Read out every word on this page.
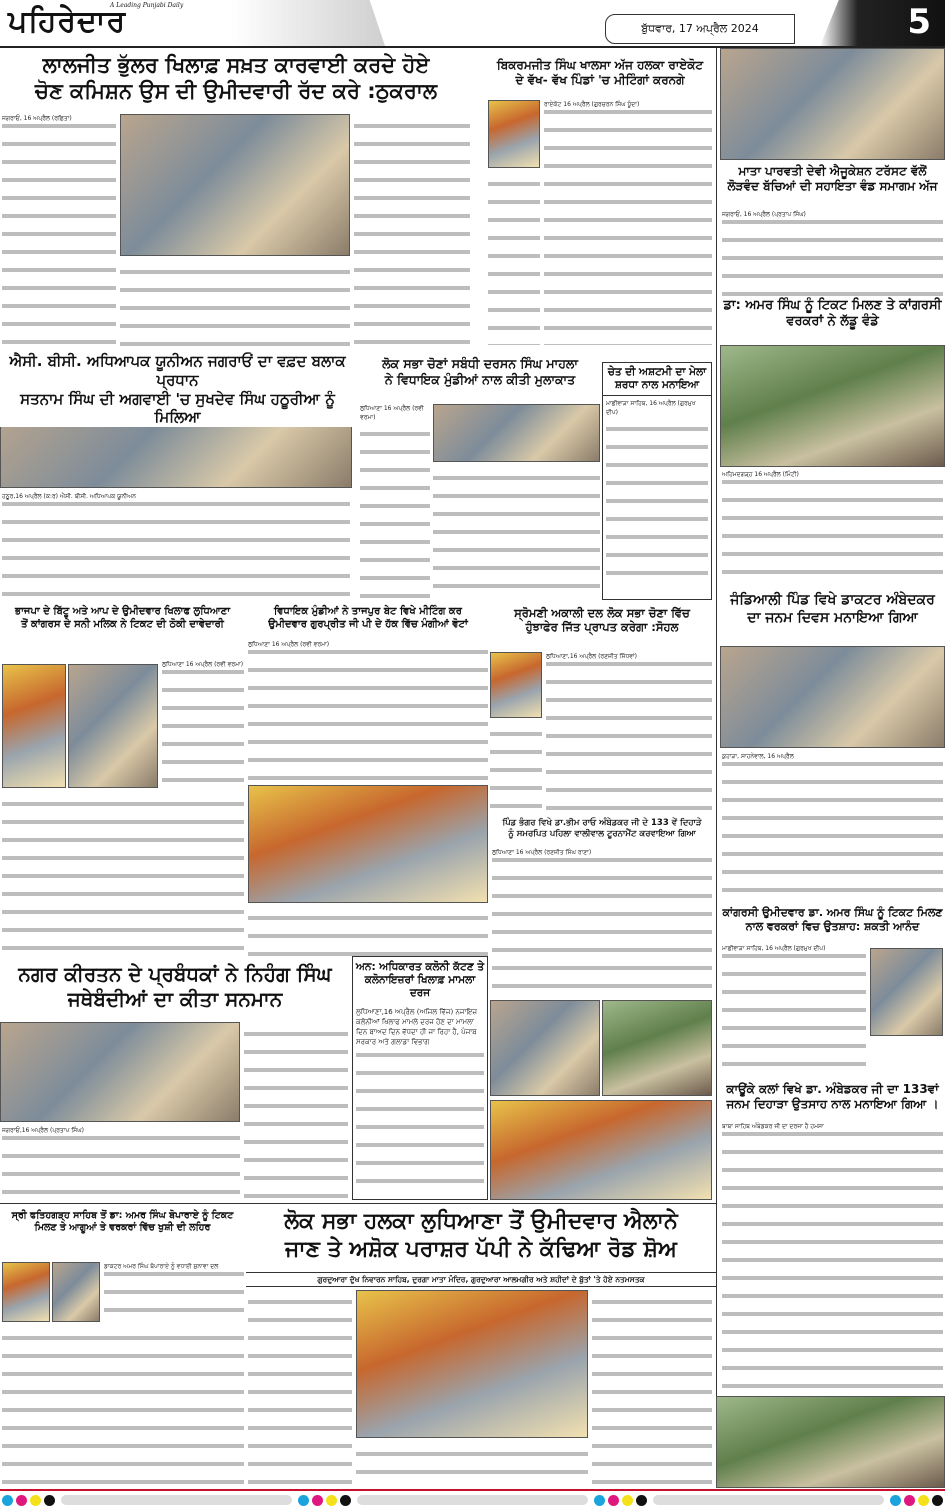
ਪਹਿਰੇਦਾਰ
A Leading Punjabi Daily
ਬੁੱਧਵਾਰ, 17 ਅਪ੍ਰੈਲ 2024	5
ਲਾਲਜੀਤ ਭੁੱਲਰ ਖਿਲਾਫ਼ ਸਖ਼ਤ ਕਾਰਵਾਈ ਕਰਦੇ ਹੋਏ
ਚੋਣ ਕਮਿਸ਼ਨ ਉਸ ਦੀ ਉਮੀਦਵਾਰੀ ਰੱਦ ਕਰੇ :ਠੁਕਰਾਲ
ਜਗਰਾਓਂ, 16 ਅਪ੍ਰੈਲ (ਰਛਿਤਾ)
ਬਿਕਰਮਜੀਤ ਸਿੰਘ ਖਾਲਸਾ ਅੱਜ ਹਲਕਾ ਰਾਏਕੋਟ
ਦੇ ਵੱਖ- ਵੱਖ ਪਿੰਡਾਂ 'ਚ ਮੀਟਿੰਗਾਂ ਕਰਨਗੇ
ਰਾਏਕੋਟ 16 ਅਪ੍ਰੈਲ (ਗੁਰਚਰਨ ਸਿੰਘ ਧੂੰਦਾ)
ਮਾਤਾ ਪਾਰਵਤੀ ਦੇਵੀ ਐਜੂਕੇਸ਼ਨ ਟਰੱਸਟ ਵੱਲੋਂ
ਲੋੜਵੰਦ ਬੱਚਿਆਂ ਦੀ ਸਹਾਇਤਾ ਵੰਡ ਸਮਾਗਮ ਅੱਜ
ਜਗਰਾਓਂ, 16 ਅਪ੍ਰੈਲ (ਪ੍ਰਤਾਪ ਸਿੰਘ)
ਡਾ: ਅਮਰ ਸਿੰਘ ਨੂੰ ਟਿਕਟ ਮਿਲਣ ਤੇ ਕਾਂਗਰਸੀ
ਵਰਕਰਾਂ ਨੇ ਲੱਡੂ ਵੰਡੇ
ਅਹਿਮਦਗੜ੍ਹ 16 ਅਪ੍ਰੈਲ (ਮਿੰਟੀ)
ਜੰਡਿਆਲੀ ਪਿੰਡ ਵਿਖੇ ਡਾਕਟਰ ਅੰਬੇਦਕਰ
ਦਾ ਜਨਮ ਦਿਵਸ ਮਨਾਇਆ ਗਿਆ
ਕੁਹਾੜਾ, ਸਾਹਨੇਵਾਲ, 16 ਅਪ੍ਰੈਲ
ਕਾਂਗਰਸੀ ਉਮੀਦਵਾਰ ਡਾ. ਅਮਰ ਸਿੰਘ ਨੂੰ ਟਿਕਟ ਮਿਲਣ
ਨਾਲ ਵਰਕਰਾਂ ਵਿਚ ਉਤਸ਼ਾਹ: ਸ਼ਕਤੀ ਆਨੰਦ
ਮਾਛੀਵਾੜਾ ਸਾਹਿਬ, 16 ਅਪ੍ਰੈਲ (ਗੁਰਮੁਖ ਦੀਪ)
ਕਾਊਂਕੇ ਕਲਾਂ ਵਿਖੇ ਡਾ. ਅੰਬੇਡਕਰ ਜੀ ਦਾ 133ਵਾਂ
ਜਨਮ ਦਿਹਾੜਾ ਉਤਸਾਹ ਨਾਲ ਮਨਾਇਆ ਗਿਆ ।
ਬਾਬਾ ਸਾਹਿਬ ਅੰਬੇਡਕਰ ਜੀ ਦਾ ਦਰਜਾ ਹੈ ਹਮਸਾ
ਐਸੀ. ਬੀਸੀ. ਅਧਿਆਪਕ ਯੂਨੀਅਨ ਜਗਰਾਓਂ ਦਾ ਵਫ਼ਦ ਬਲਾਕ ਪ੍ਰਧਾਨ
ਸਤਨਾਮ ਸਿੰਘ ਦੀ ਅਗਵਾਈ 'ਚ ਸੁਖਦੇਵ ਸਿੰਘ ਹਠੂਰੀਆ ਨੂੰ ਮਿਲਿਆ
ਹਠੂਰ,16 ਅਪ੍ਰੈਲ (ਕ:ਰ) ਐਸੀ. ਬੀਸੀ. ਅਧਿਆਪਕ ਯੂਨੀਅਨ
ਲੋਕ ਸਭਾ ਚੋਣਾਂ ਸਬੰਧੀ ਦਰਸਨ ਸਿੰਘ ਮਾਹਲਾ
ਨੇ ਵਿਧਾਇਕ ਮੁੰਡੀਆਂ ਨਾਲ ਕੀਤੀ ਮੁਲਾਕਾਤ
ਲੁਧਿਆਣਾ 16 ਅਪ੍ਰੈਲ (ਰਵੀ ਵਰਮਾ)
ਚੇਤ ਦੀ ਅਸ਼ਟਮੀ ਦਾ ਮੇਲਾ
ਸ਼ਰਧਾ ਨਾਲ ਮਨਾਇਆ
ਮਾਛੀਵਾੜਾ ਸਾਹਿਬ, 16 ਅਪ੍ਰੈਲ (ਗੁਰਮੁਖ ਦੀਪ)
ਭਾਜਪਾ ਦੇ ਬਿੱਟੂ ਅਤੇ ਆਪ ਦੇ ਉਮੀਦਵਾਰ ਖਿਲਾਫ ਲੁਧਿਆਣਾ
ਤੋਂ ਕਾਂਗਰਸ ਦੇ ਸਨੀ ਮਲਿਕ ਨੇ ਟਿਕਟ ਦੀ ਠੋਕੀ ਦਾਵੇਦਾਰੀ
ਲੁਧਿਆਣਾ 16 ਅਪ੍ਰੈਲ (ਰਵੀ ਵਰਮਾ)
ਵਿਧਾਇਕ ਮੁੰਡੀਆਂ ਨੇ ਤਾਜਪੁਰ ਬੇਟ ਵਿਖੇ ਮੀਟਿੰਗ ਕਰ
ਉਮੀਦਵਾਰ ਗੁਰਪ੍ਰੀਤ ਜੀ ਪੀ ਦੇ ਹੱਕ ਵਿੱਚ ਮੰਗੀਆਂ ਵੋਟਾਂ
ਲੁਧਿਆਣਾ 16 ਅਪ੍ਰੈਲ (ਰਵੀ ਵਰਮਾ)
ਸ੍ਰੋਮਣੀ ਅਕਾਲੀ ਦਲ ਲੋਕ ਸਭਾ ਚੋਣਾ ਵਿੱਚ
ਹੁੰਝਾਫੇਰ ਜਿੱਤ ਪ੍ਰਾਪਤ ਕਰੇਗਾ :ਸੋਹਲ
ਲੁਧਿਆਣਾ,16 ਅਪ੍ਰੈਲ (ਰਣਜੀਤ ਸਿੱਧਵਾਂ)
ਪਿੰਡ ਭੰਗਰ ਵਿਖੇ ਡਾ.ਭੀਮ ਰਾਓ ਅੰਬੇਡਕਰ ਜੀ ਦੇ 133 ਵੇਂ ਦਿਹਾੜੇ
ਨੂੰ ਸਮਰਪਿਤ ਪਹਿਲਾ ਵਾਲੀਵਾਲ ਟੂਰਨਾਮੈਂਟ ਕਰਵਾਇਆ ਗਿਆ
ਲੁਧਿਆਣਾ 16 ਅਪ੍ਰੈਲ (ਰਣਜੀਤ ਸਿੰਘ ਰਾਣਾ)
ਨਗਰ ਕੀਰਤਨ ਦੇ ਪ੍ਰਬੰਧਕਾਂ ਨੇ ਨਿਹੰਗ ਸਿੰਘ
ਜਥੇਬੰਦੀਆਂ ਦਾ ਕੀਤਾ ਸਨਮਾਨ
ਜਗਰਾਓਂ,16 ਅਪ੍ਰੈਲ (ਪ੍ਰਤਾਪ ਸਿੰਘ)
ਅਨ: ਅਧਿਕਾਰਤ ਕਲੋਨੀ ਕੱਟਣ ਤੇ
ਕਲੋਨਾਇਜ਼ਰਾਂ ਖਿਲਾਫ਼ ਮਾਮਲਾ ਦਰਜ
ਲੁਧਿਆਣਾ,16 ਅਪ੍ਰੈਲ (ਅਜਿਲ ਵਿੱਜ) ਨਜਾਇਜ਼ ਕਲੋਨੀਆਂ ਖਿਲਾਫ ਮਾਮਲੇ ਦਰਜ ਹੋਣ ਦਾ ਮਾਮਲਾ ਦਿਨ ਬਾਅਦ ਦਿਨ ਵੱਧਦਾ ਹੀ ਜਾ ਰਿਹਾ ਹੈ, ਪੰਜਾਬ ਸਰਕਾਰ ਅਤੇ ਗਲਾਡਾ ਵਿਭਾਗ
ਸ੍ਰੀ ਫਤਿਹਗੜ੍ਹ ਸਾਹਿਬ ਤੋਂ ਡਾ: ਅਮਰ ਸਿੰਘ ਬੋਪਾਰਾਏ ਨੂੰ ਟਿਕਟ
ਮਿਲਣ ਤੇ ਆਗੂਆਂ ਤੇ ਵਰਕਰਾਂ ਵਿੱਚ ਖੁਸ਼ੀ ਦੀ ਲਹਿਰ
ਡਾਕਟਰ ਅਮਰ ਸਿੰਘ ਬੋਪਾਰਾਏ ਨੂੰ ਵਧਾਈ ਸੁਨਾਵਾ ਦਲ
ਲੋਕ ਸਭਾ ਹਲਕਾ ਲੁਧਿਆਣਾ ਤੋਂ ਉਮੀਦਵਾਰ ਐਲਾਨੇ
ਜਾਣ ਤੇ ਅਸ਼ੋਕ ਪਰਾਸ਼ਰ ਪੱਪੀ ਨੇ ਕੱਢਿਆ ਰੋਡ ਸ਼ੋਅ
ਗੁਰਦੁਆਰਾ ਦੁੱਖ ਨਿਵਾਰਨ ਸਾਹਿਬ, ਦੁਰਗਾ ਮਾਤਾ ਮੰਦਿਰ, ਗੁਰਦੁਆਰਾ ਆਲਮਗੀਰ ਅਤੇ ਸ਼ਹੀਦਾਂ ਦੇ ਬੁੱਤਾਂ 'ਤੇ ਹੋਏ ਨਤਮਸਤਕ
